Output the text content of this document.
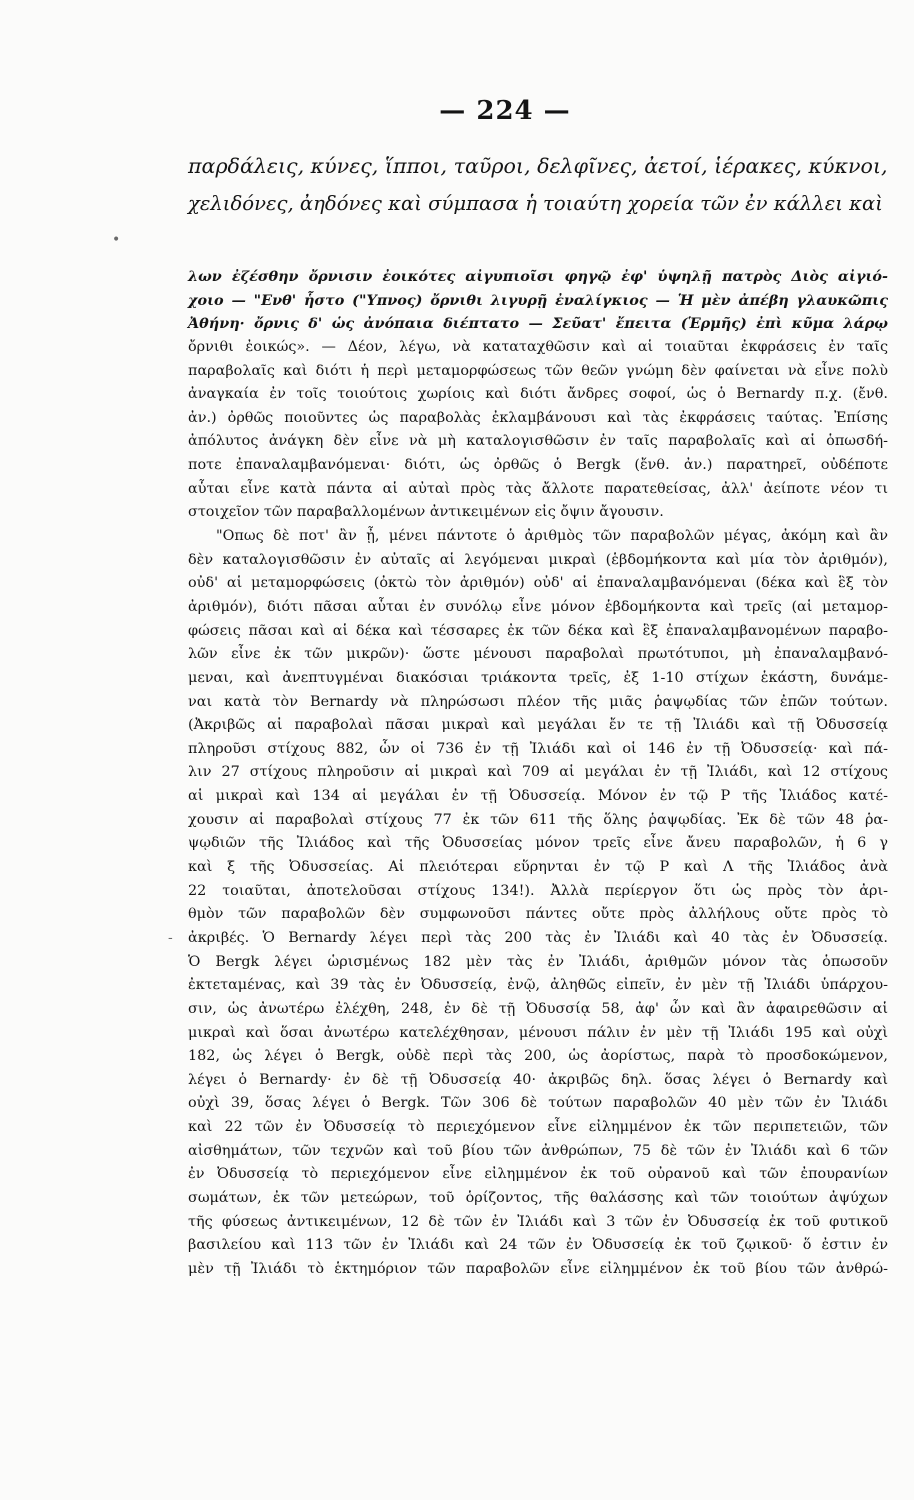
— 224 —
παρδάλεις, κύνες, ἵπποι, ταῦροι, δελφῖνες, ἀετοί, ἱέρακες, κύκνοι,
χελιδόνες, ἀηδόνες καὶ σύμπασα ἡ τοιαύτη χορεία τῶν ἐν κάλλει καὶ
λων ἐζέσθην ὄρνισιν ἐοικότες αἰγυπιοῖσι φηγῷ ἐφ' ὑψηλῇ πατρὸς Διὸς αἰγιό-
χοιο — "Ενθ' ἧστο ("Υπνος) ὄρνιθι λιγυρῇ ἐναλίγκιος — Ἡ μὲν ἀπέβη γλαυκῶπις
Ἀθήνη· ὄρνις δ' ὡς ἀνόπαια διέπτατο — Σεῦατ' ἔπειτα (Ἑρμῆς) ἐπὶ κῦμα λάρῳ
ὄρνιθι ἐοικώς». — Δέον, λέγω, νὰ καταταχθῶσιν καὶ αἱ τοιαῦται ἐκφράσεις ἐν ταῖς
παραβολαῖς καὶ διότι ἡ περὶ μεταμορφώσεως τῶν θεῶν γνώμη δὲν φαίνεται νὰ εἶνε πολὺ
ἀναγκαία ἐν τοῖς τοιούτοις χωρίοις καὶ διότι ἄνδρες σοφοί, ὡς ὁ Bernardy π.χ. (ἔνθ.
ἀν.) ὀρθῶς ποιοῦντες ὡς παραβολὰς ἐκλαμβάνουσι καὶ τὰς ἐκφράσεις ταύτας. Ἐπίσης
ἀπόλυτος ἀνάγκη δὲν εἶνε νὰ μὴ καταλογισθῶσιν ἐν ταῖς παραβολαῖς καὶ αἱ ὁπωσδή-
ποτε ἐπαναλαμβανόμεναι· διότι, ὡς ὀρθῶς ὁ Bergk (ἔνθ. ἀν.) παρατηρεῖ, οὐδέποτε
αὗται εἶνε κατὰ πάντα αἱ αὐταὶ πρὸς τὰς ἄλλοτε παρατεθείσας, ἀλλ' ἀείποτε νέον τι
στοιχεῖον τῶν παραβαλλομένων ἀντικειμένων εἰς ὄψιν ἄγουσιν.
"Οπως δὲ ποτ' ἂν ᾖ, μένει πάντοτε ὁ ἀριθμὸς τῶν παραβολῶν μέγας, ἀκόμη καὶ ἂν
δὲν καταλογισθῶσιν ἐν αὐταῖς αἱ λεγόμεναι μικραὶ (ἑβδομήκοντα καὶ μία τὸν ἀριθμόν),
οὐδ' αἱ μεταμορφώσεις (ὀκτὼ τὸν ἀριθμόν) οὐδ' αἱ ἐπαναλαμβανόμεναι (δέκα καὶ ἓξ τὸν
ἀριθμόν), διότι πᾶσαι αὗται ἐν συνόλῳ εἶνε μόνον ἑβδομήκοντα καὶ τρεῖς (αἱ μεταμορ-
φώσεις πᾶσαι καὶ αἱ δέκα καὶ τέσσαρες ἐκ τῶν δέκα καὶ ἓξ ἐπαναλαμβανομένων παραβο-
λῶν εἶνε ἐκ τῶν μικρῶν)· ὥστε μένουσι παραβολαὶ πρωτότυποι, μὴ ἐπαναλαμβανό-
μεναι, καὶ ἀνεπτυγμέναι διακόσιαι τριάκοντα τρεῖς, ἐξ 1-10 στίχων ἑκάστη, δυνάμε-
ναι κατὰ τὸν Bernardy νὰ πληρώσωσι πλέον τῆς μιᾶς ῥαψῳδίας τῶν ἐπῶν τούτων.
(Ἀκριβῶς αἱ παραβολαὶ πᾶσαι μικραὶ καὶ μεγάλαι ἔν τε τῇ Ἰλιάδι καὶ τῇ Ὀδυσσείᾳ
πληροῦσι στίχους 882, ὧν οἱ 736 ἐν τῇ Ἰλιάδι καὶ οἱ 146 ἐν τῇ Ὀδυσσείᾳ· καὶ πά-
λιν 27 στίχους πληροῦσιν αἱ μικραὶ καὶ 709 αἱ μεγάλαι ἐν τῇ Ἰλιάδι, καὶ 12 στίχους
αἱ μικραὶ καὶ 134 αἱ μεγάλαι ἐν τῇ Ὀδυσσείᾳ. Μόνον ἐν τῷ Ρ τῆς Ἰλιάδος κατέ-
χουσιν αἱ παραβολαὶ στίχους 77 ἐκ τῶν 611 τῆς ὅλης ῥαψῳδίας. Ἐκ δὲ τῶν 48 ῥα-
ψῳδιῶν τῆς Ἰλιάδος καὶ τῆς Ὀδυσσείας μόνον τρεῖς εἶνε ἄνευ παραβολῶν, ἡ 6 γ
καὶ ξ τῆς Ὀδυσσείας. Αἱ πλειότεραι εὕρηνται ἐν τῷ Ρ καὶ Λ τῆς Ἰλιάδος ἀνὰ
22 τοιαῦται, ἀποτελοῦσαι στίχους 134!). Ἀλλὰ περίεργον ὅτι ὡς πρὸς τὸν ἀρι-
θμὸν τῶν παραβολῶν δὲν συμφωνοῦσι πάντες οὔτε πρὸς ἀλλήλους οὔτε πρὸς τὸ
ἀκριβές. Ὁ Bernardy λέγει περὶ τὰς 200 τὰς ἐν Ἰλιάδι καὶ 40 τὰς ἐν Ὀδυσσείᾳ.
Ὁ Bergk λέγει ὡρισμένως 182 μὲν τὰς ἐν Ἰλιάδι, ἀριθμῶν μόνον τὰς ὁπωσοῦν
ἐκτεταμένας, καὶ 39 τὰς ἐν Ὀδυσσείᾳ, ἐνῷ, ἀληθῶς εἰπεῖν, ἐν μὲν τῇ Ἰλιάδι ὑπάρχου-
σιν, ὡς ἀνωτέρω ἐλέχθη, 248, ἐν δὲ τῇ Ὀδυσσίᾳ 58, ἀφ' ὧν καὶ ἂν ἀφαιρεθῶσιν αἱ
μικραὶ καὶ ὅσαι ἀνωτέρω κατελέχθησαν, μένουσι πάλιν ἐν μὲν τῇ Ἰλιάδι 195 καὶ οὐχὶ
182, ὡς λέγει ὁ Bergk, οὐδὲ περὶ τὰς 200, ὡς ἀορίστως, παρὰ τὸ προσδοκώμενον,
λέγει ὁ Bernardy· ἐν δὲ τῇ Ὀδυσσείᾳ 40· ἀκριβῶς δηλ. ὅσας λέγει ὁ Bernardy καὶ
οὐχὶ 39, ὅσας λέγει ὁ Bergk. Τῶν 306 δὲ τούτων παραβολῶν 40 μὲν τῶν ἐν Ἰλιάδι
καὶ 22 τῶν ἐν Ὀδυσσείᾳ τὸ περιεχόμενον εἶνε εἰλημμένον ἐκ τῶν περιπετειῶν, τῶν
αἰσθημάτων, τῶν τεχνῶν καὶ τοῦ βίου τῶν ἀνθρώπων, 75 δὲ τῶν ἐν Ἰλιάδι καὶ 6 τῶν
ἐν Ὀδυσσείᾳ τὸ περιεχόμενον εἶνε εἰλημμένον ἐκ τοῦ οὐρανοῦ καὶ τῶν ἐπουρανίων
σωμάτων, ἐκ τῶν μετεώρων, τοῦ ὁρίζοντος, τῆς θαλάσσης καὶ τῶν τοιούτων ἀψύχων
τῆς φύσεως ἀντικειμένων, 12 δὲ τῶν ἐν Ἰλιάδι καὶ 3 τῶν ἐν Ὀδυσσείᾳ ἐκ τοῦ φυτικοῦ
βασιλείου καὶ 113 τῶν ἐν Ἰλιάδι καὶ 24 τῶν ἐν Ὀδυσσείᾳ ἐκ τοῦ ζῳικοῦ· ὅ ἐστιν ἐν
μὲν τῇ Ἰλιάδι τὸ ἑκτημόριον τῶν παραβολῶν εἶνε εἰλημμένον ἐκ τοῦ βίου τῶν ἀνθρώ-
•
-
